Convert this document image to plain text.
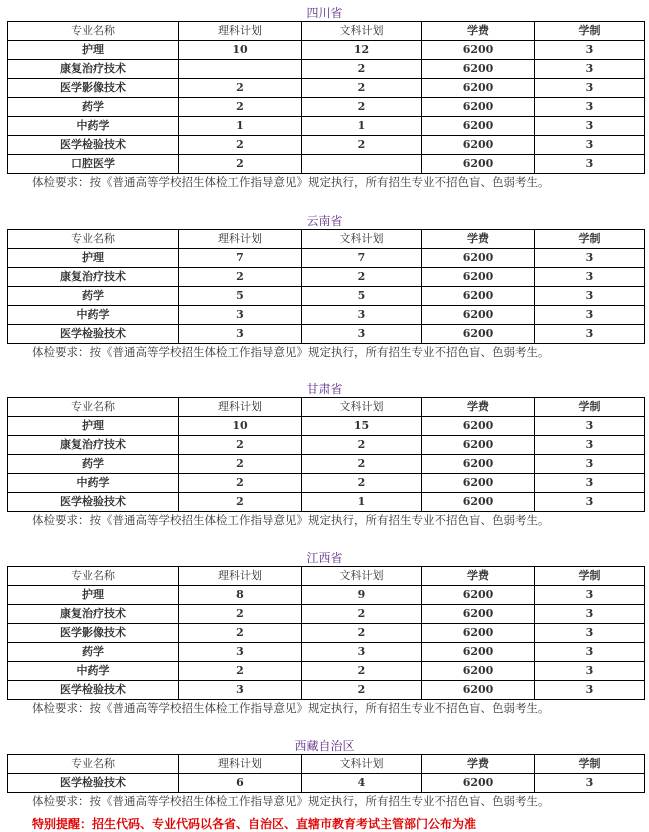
四川省
专业名称	理科计划	文科计划	学费	学制
护理	10	12	6200	3
康复治疗技术		2	6200	3
医学影像技术	2	2	6200	3
药学	2	2	6200	3
中药学	1	1	6200	3
医学检验技术	2	2	6200	3
口腔医学	2		6200	3
体检要求：按《普通高等学校招生体检工作指导意见》规定执行，所有招生专业不招色盲、色弱考生。
云南省
专业名称	理科计划	文科计划	学费	学制
护理	7	7	6200	3
康复治疗技术	2	2	6200	3
药学	5	5	6200	3
中药学	3	3	6200	3
医学检验技术	3	3	6200	3
体检要求：按《普通高等学校招生体检工作指导意见》规定执行，所有招生专业不招色盲、色弱考生。
甘肃省
专业名称	理科计划	文科计划	学费	学制
护理	10	15	6200	3
康复治疗技术	2	2	6200	3
药学	2	2	6200	3
中药学	2	2	6200	3
医学检验技术	2	1	6200	3
体检要求：按《普通高等学校招生体检工作指导意见》规定执行，所有招生专业不招色盲、色弱考生。
江西省
专业名称	理科计划	文科计划	学费	学制
护理	8	9	6200	3
康复治疗技术	2	2	6200	3
医学影像技术	2	2	6200	3
药学	3	3	6200	3
中药学	2	2	6200	3
医学检验技术	3	2	6200	3
体检要求：按《普通高等学校招生体检工作指导意见》规定执行，所有招生专业不招色盲、色弱考生。
西藏自治区
专业名称	理科计划	文科计划	学费	学制
医学检验技术	6	4	6200	3
体检要求：按《普通高等学校招生体检工作指导意见》规定执行，所有招生专业不招色盲、色弱考生。
特别提醒：招生代码、专业代码以各省、自治区、直辖市教育考试主管部门公布为准
